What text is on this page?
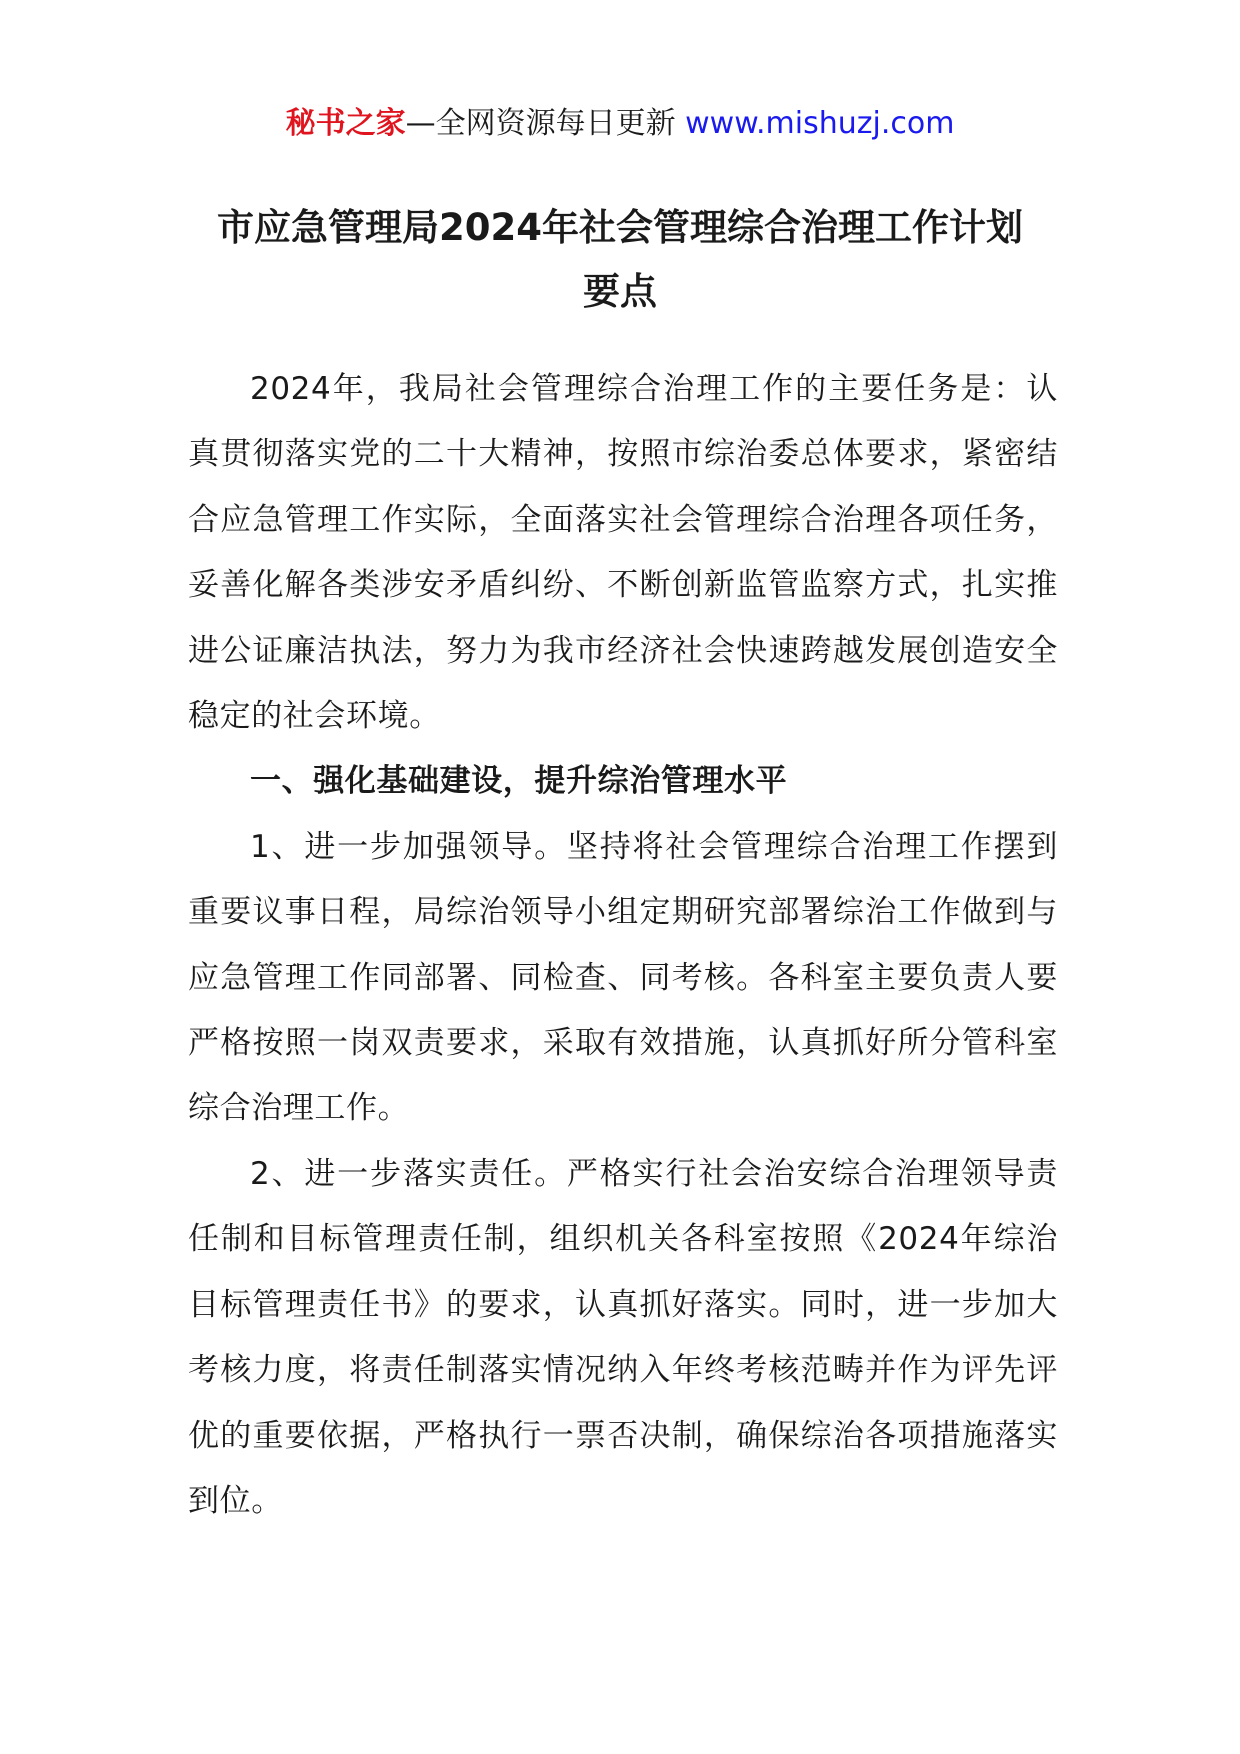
秘书之家—全网资源每日更新 www.mishuzj.com
市应急管理局2024年社会管理综合治理工作计划要点

2024年，我局社会管理综合治理工作的主要任务是：认真贯彻落实党的二十大精神，按照市综治委总体要求，紧密结合应急管理工作实际，全面落实社会管理综合治理各项任务，妥善化解各类涉安矛盾纠纷、不断创新监管监察方式，扎实推进公证廉洁执法，努力为我市经济社会快速跨越发展创造安全稳定的社会环境。

一、强化基础建设，提升综治管理水平

1、进一步加强领导。坚持将社会管理综合治理工作摆到重要议事日程，局综治领导小组定期研究部署综治工作做到与应急管理工作同部署、同检查、同考核。各科室主要负责人要严格按照一岗双责要求，采取有效措施，认真抓好所分管科室综合治理工作。

2、进一步落实责任。严格实行社会治安综合治理领导责任制和目标管理责任制，组织机关各科室按照《2024年综治目标管理责任书》的要求，认真抓好落实。同时，进一步加大考核力度，将责任制落实情况纳入年终考核范畴并作为评先评优的重要依据，严格执行一票否决制，确保综治各项措施落实到位。
